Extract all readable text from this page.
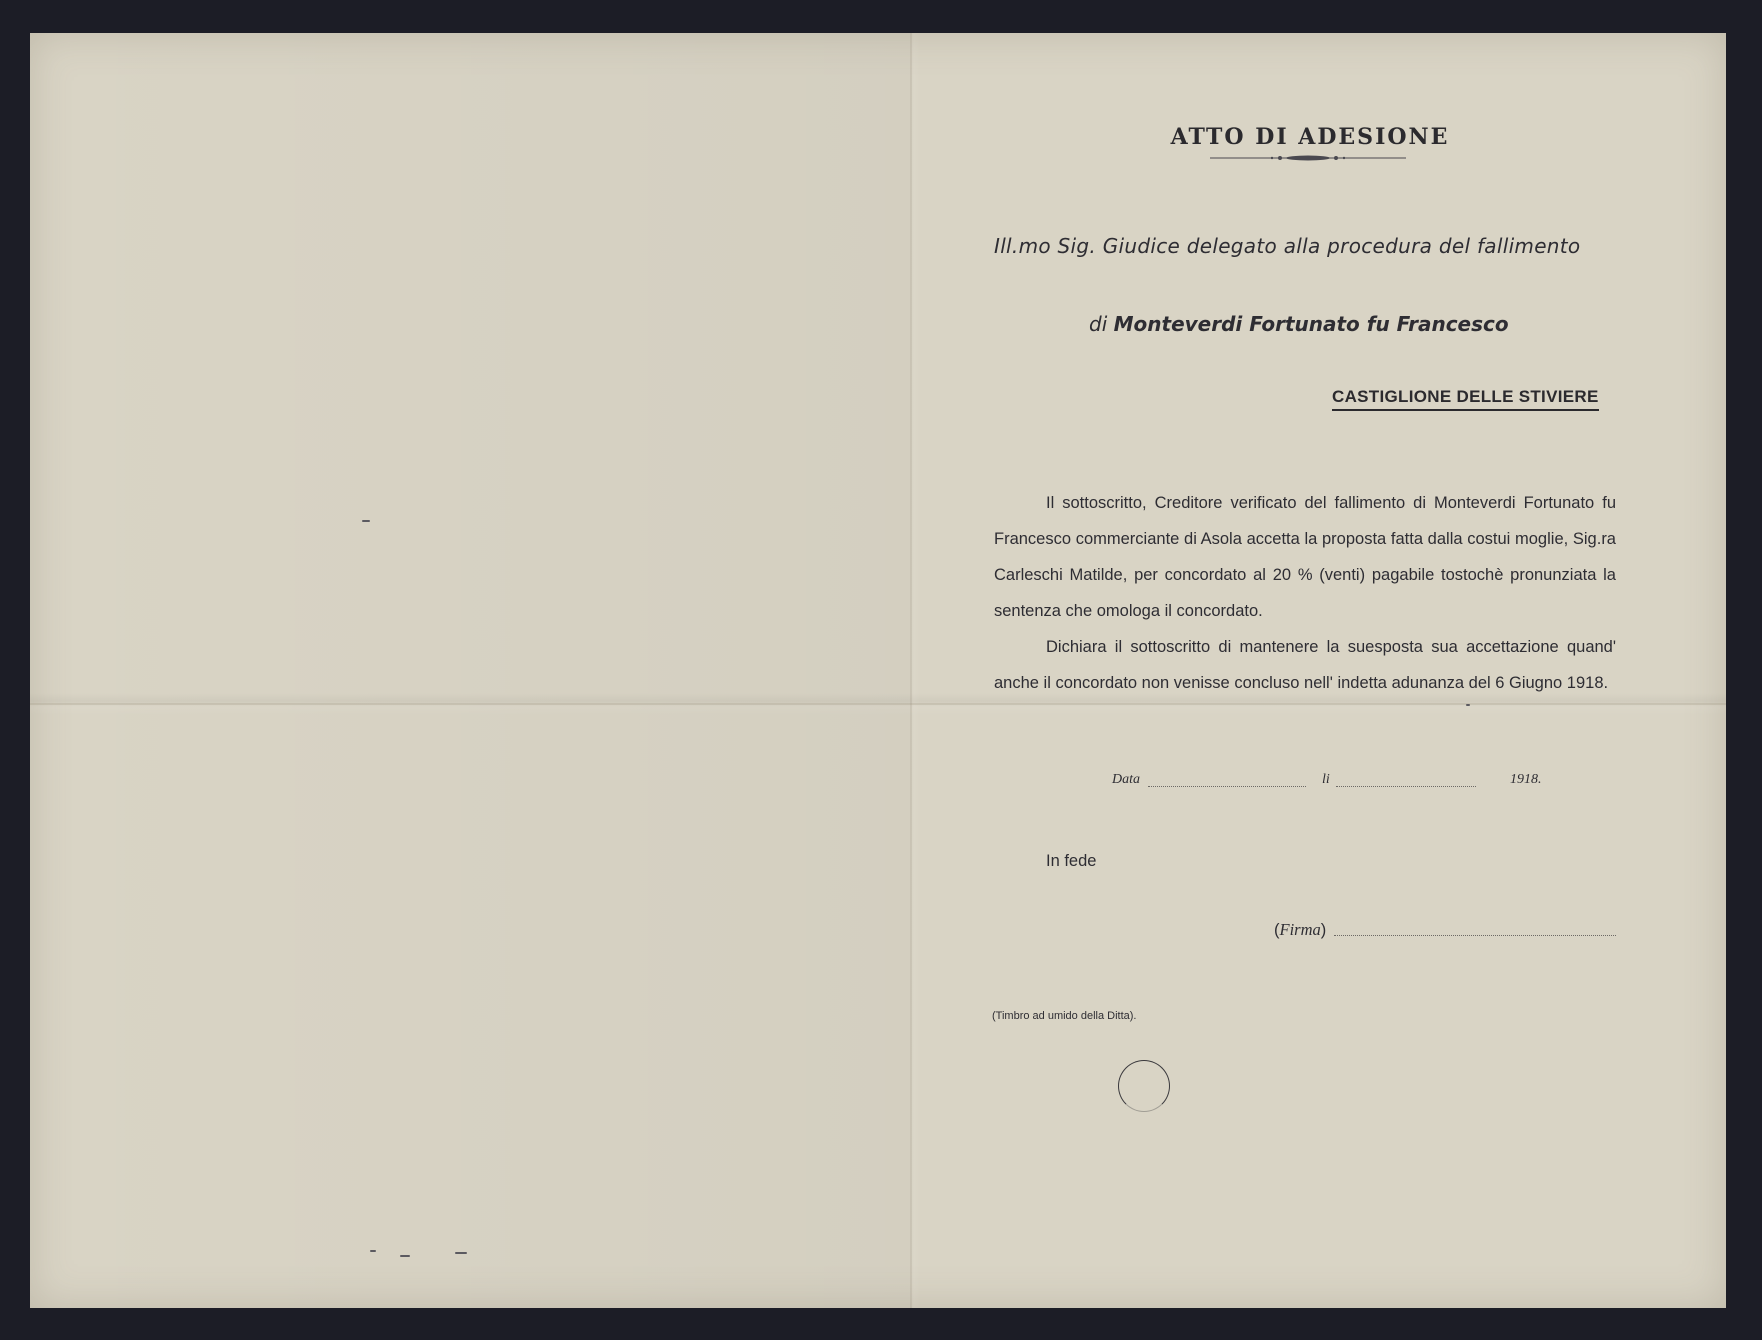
ATTO DI ADESIONE
Ill.mo Sig. Giudice delegato alla procedura del fallimento
di Monteverdi Fortunato fu Francesco
CASTIGLIONE DELLE STIVIERE

Il sottoscritto, Creditore verificato del fallimento di Monteverdi Fortunato fu Francesco commerciante di Asola accetta la proposta fatta dalla costui moglie, Sig.ra Carleschi Matilde, per concordato al 20 % (venti) pagabile tostochè pronunziata la sentenza che omologa il concordato.

Dichiara il sottoscritto di mantenere la suesposta sua accettazione quand' anche il concordato non venisse concluso nell' indetta adunanza del 6 Giugno 1918.

Data	li	1918.
In fede
(Firma)
(Timbro ad umido della Ditta).
